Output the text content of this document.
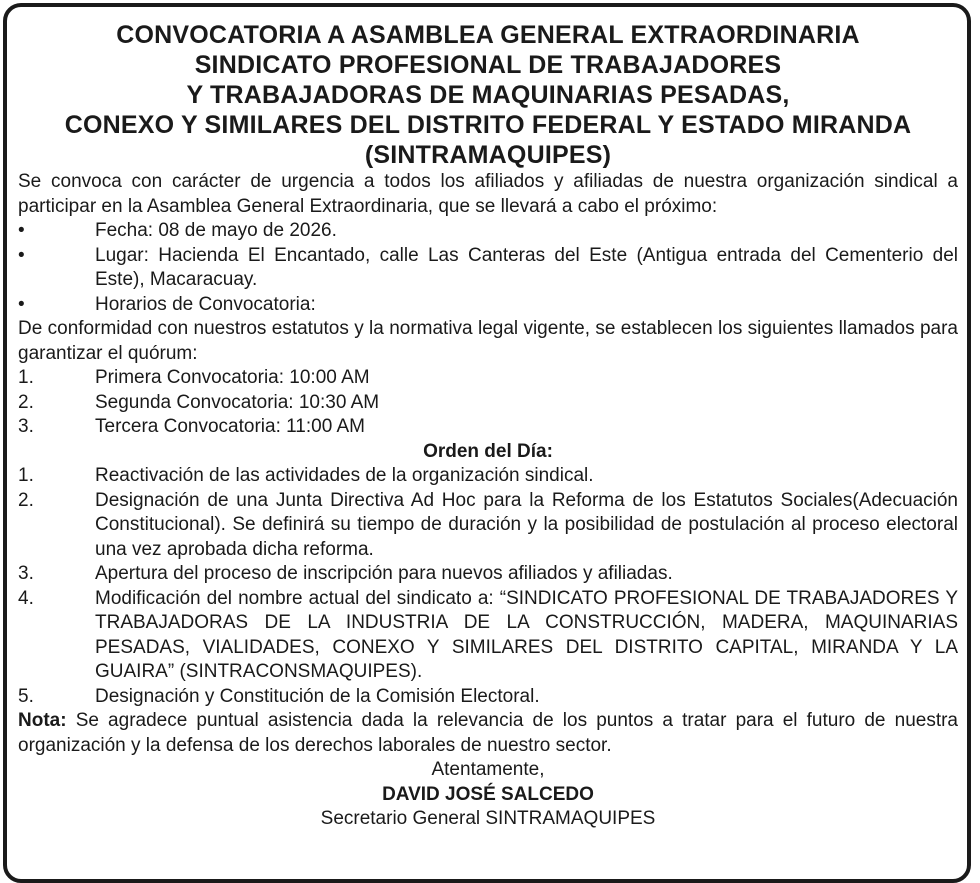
CONVOCATORIA A ASAMBLEA GENERAL EXTRAORDINARIA
SINDICATO PROFESIONAL DE TRABAJADORES
Y TRABAJADORAS DE MAQUINARIAS PESADAS,
CONEXO Y SIMILARES DEL DISTRITO FEDERAL Y ESTADO MIRANDA
(SINTRAMAQUIPES)
Se convoca con carácter de urgencia a todos los afiliados y afiliadas de nuestra organización sindical a participar en la Asamblea General Extraordinaria, que se llevará a cabo el próximo:
•	Fecha: 08 de mayo de 2026.
•	Lugar: Hacienda El Encantado, calle Las Canteras del Este (Antigua entrada del Cementerio del Este), Macaracuay.
•	Horarios de Convocatoria:
De conformidad con nuestros estatutos y la normativa legal vigente, se establecen los siguientes llamados para garantizar el quórum:
1.	Primera Convocatoria: 10:00 AM
2.	Segunda Convocatoria: 10:30 AM
3.	Tercera Convocatoria: 11:00 AM
Orden del Día:
1.	Reactivación de las actividades de la organización sindical.
2.	Designación de una Junta Directiva Ad Hoc para la Reforma de los Estatutos Sociales(Adecuación Constitucional). Se definirá su tiempo de duración y la posibilidad de postulación al proceso electoral una vez aprobada dicha reforma.
3.	Apertura del proceso de inscripción para nuevos afiliados y afiliadas.
4.	Modificación del nombre actual del sindicato a: “SINDICATO PROFESIONAL DE TRABAJADORES Y TRABAJADORAS DE LA INDUSTRIA DE LA CONSTRUCCIÓN, MADERA, MAQUINARIAS PESADAS, VIALIDADES, CONEXO Y SIMILARES DEL DISTRITO CAPITAL, MIRANDA Y LA GUAIRA” (SINTRACONSMAQUIPES).
5.	Designación y Constitución de la Comisión Electoral.
Nota: Se agradece puntual asistencia dada la relevancia de los puntos a tratar para el futuro de nuestra organización y la defensa de los derechos laborales de nuestro sector.
Atentamente,
DAVID JOSÉ SALCEDO
Secretario General SINTRAMAQUIPES
